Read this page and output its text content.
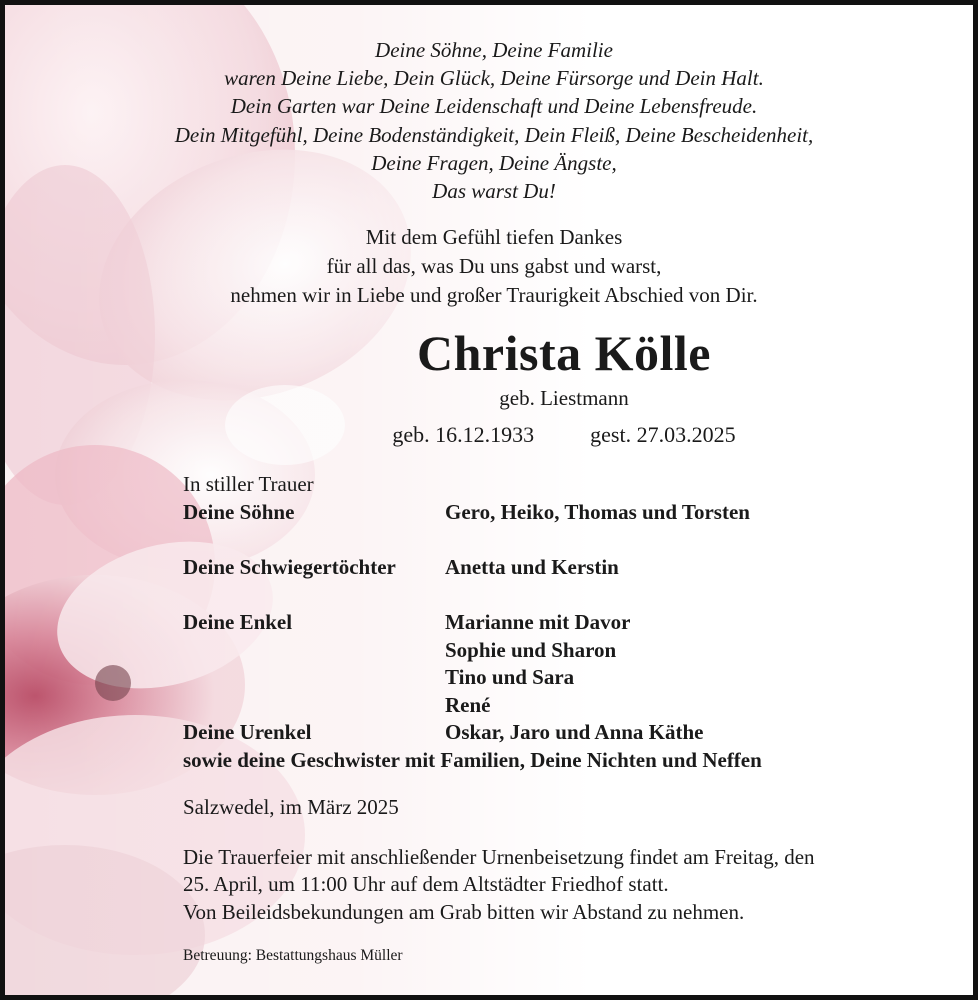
Deine Söhne, Deine Familie
waren Deine Liebe, Dein Glück, Deine Fürsorge und Dein Halt.
Dein Garten war Deine Leidenschaft und Deine Lebensfreude.
Dein Mitgefühl, Deine Bodenständigkeit, Dein Fleiß, Deine Bescheidenheit,
Deine Fragen, Deine Ängste,
Das warst Du!
Mit dem Gefühl tiefen Dankes
für all das, was Du uns gabst und warst,
nehmen wir in Liebe und großer Traurigkeit Abschied von Dir.
Christa Kölle
geb. Liestmann
geb. 16.12.1933	gest. 27.03.2025
In stiller Trauer
Deine Söhne	Gero, Heiko, Thomas und Torsten
Deine Schwiegertöchter	Anetta und Kerstin
Deine Enkel	Marianne mit Davor
Sophie und Sharon
Tino und Sara
René
Deine Urenkel	Oskar, Jaro und Anna Käthe
sowie deine Geschwister mit Familien, Deine Nichten und Neffen
Salzwedel, im März 2025
Die Trauerfeier mit anschließender Urnenbeisetzung findet am Freitag, den
25. April, um 11:00 Uhr auf dem Altstädter Friedhof statt.
Von Beileidsbekundungen am Grab bitten wir Abstand zu nehmen.
Betreuung: Bestattungshaus Müller
